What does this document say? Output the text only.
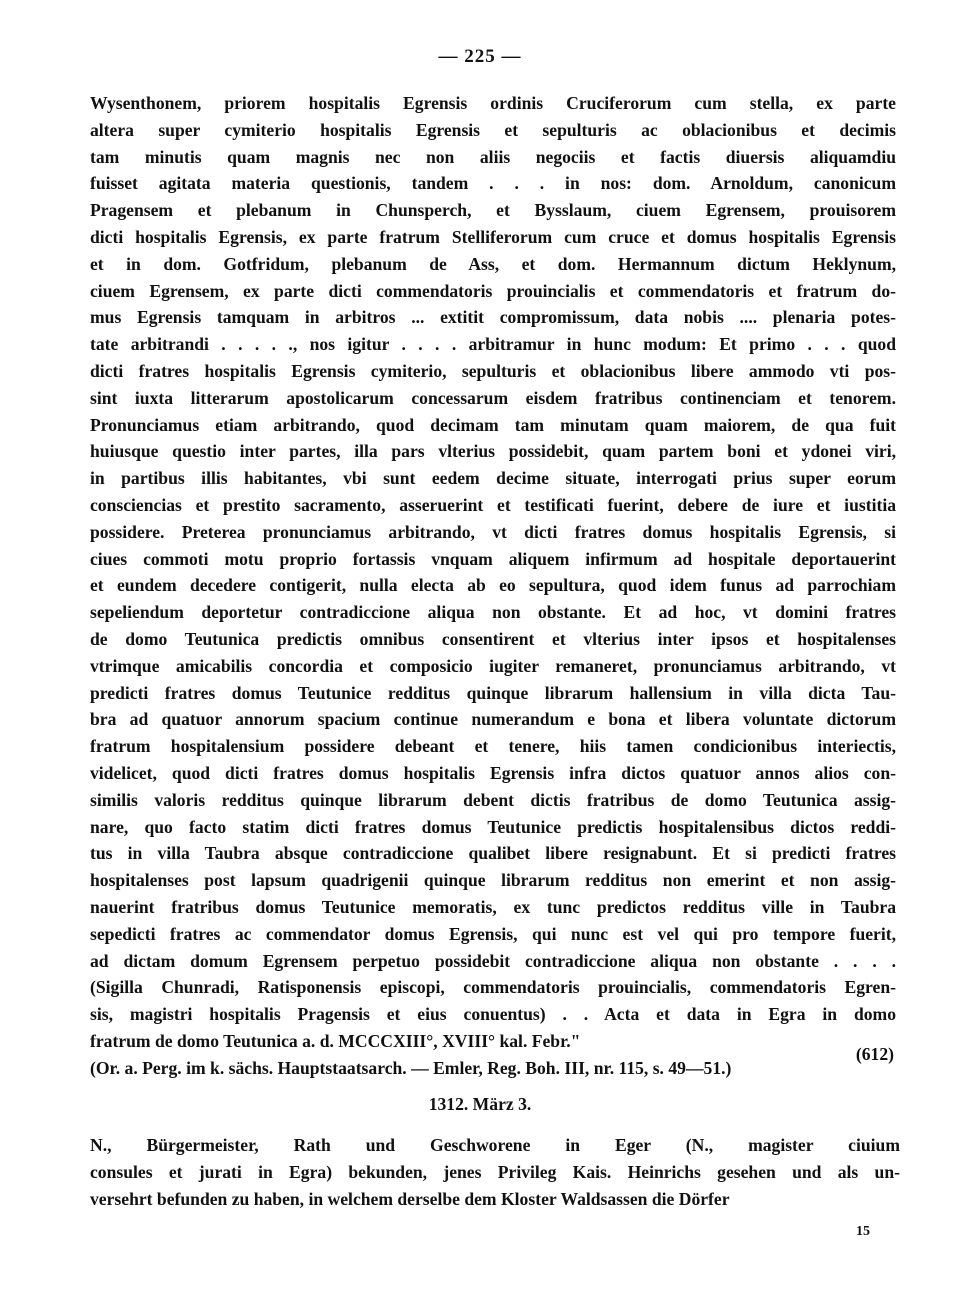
— 225 —
Wysenthonem, priorem hospitalis Egrensis ordinis Cruciferorum cum stella, ex parte
altera super cymiterio hospitalis Egrensis et sepulturis ac oblacionibus et decimis
tam minutis quam magnis nec non aliis negociis et factis diuersis aliquamdiu
fuisset agitata materia questionis, tandem . . . in nos: dom. Arnoldum, canonicum
Pragensem et plebanum in Chunsperch, et Bysslaum, ciuem Egrensem, prouisorem
dicti hospitalis Egrensis, ex parte fratrum Stelliferorum cum cruce et domus hospitalis Egrensis
et in dom. Gotfridum, plebanum de Ass, et dom. Hermannum dictum Heklynum,
ciuem Egrensem, ex parte dicti commendatoris prouincialis et commendatoris et fratrum do-
mus Egrensis tamquam in arbitros ... extitit compromissum, data nobis .... plenaria potes-
tate arbitrandi . . . . ., nos igitur . . . . arbitramur in hunc modum: Et primo . . . quod
dicti fratres hospitalis Egrensis cymiterio, sepulturis et oblacionibus libere ammodo vti pos-
sint iuxta litterarum apostolicarum concessarum eisdem fratribus continenciam et tenorem.
Pronunciamus etiam arbitrando, quod decimam tam minutam quam maiorem, de qua fuit
huiusque questio inter partes, illa pars vlterius possidebit, quam partem boni et ydonei viri,
in partibus illis habitantes, vbi sunt eedem decime situate, interrogati prius super eorum
consciencias et prestito sacramento, asseruerint et testificati fuerint, debere de iure et iustitia
possidere. Preterea pronunciamus arbitrando, vt dicti fratres domus hospitalis Egrensis, si
ciues commoti motu proprio fortassis vnquam aliquem infirmum ad hospitale deportauerint
et eundem decedere contigerit, nulla electa ab eo sepultura, quod idem funus ad parrochiam
sepeliendum deportetur contradiccione aliqua non obstante. Et ad hoc, vt domini fratres
de domo Teutunica predictis omnibus consentirent et vlterius inter ipsos et hospitalenses
vtrimque amicabilis concordia et composicio iugiter remaneret, pronunciamus arbitrando, vt
predicti fratres domus Teutunice redditus quinque librarum hallensium in villa dicta Tau-
bra ad quatuor annorum spacium continue numerandum e bona et libera voluntate dictorum
fratrum hospitalensium possidere debeant et tenere, hiis tamen condicionibus interiectis,
videlicet, quod dicti fratres domus hospitalis Egrensis infra dictos quatuor annos alios con-
similis valoris redditus quinque librarum debent dictis fratribus de domo Teutunica assig-
nare, quo facto statim dicti fratres domus Teutunice predictis hospitalensibus dictos reddi-
tus in villa Taubra absque contradiccione qualibet libere resignabunt. Et si predicti fratres
hospitalenses post lapsum quadrigenii quinque librarum redditus non emerint et non assig-
nauerint fratribus domus Teutunice memoratis, ex tunc predictos redditus ville in Taubra
sepedicti fratres ac commendator domus Egrensis, qui nunc est vel qui pro tempore fuerit,
ad dictam domum Egrensem perpetuo possidebit contradiccione aliqua non obstante . . . .
(Sigilla Chunradi, Ratisponensis episcopi, commendatoris prouincialis, commendatoris Egren-
sis, magistri hospitalis Pragensis et eius conuentus) . . Acta et data in Egra in domo
fratrum de domo Teutunica a. d. MCCCXIII°, XVIII° kal. Febr."
(Or. a. Perg. im k. sächs. Hauptstaatsarch. — Emler, Reg. Boh. III, nr. 115, s. 49—51.)
(612)
1312. März 3.
N., Bürgermeister, Rath und Geschworene in Eger (N., magister ciuium
consules et jurati in Egra) bekunden, jenes Privileg Kais. Heinrichs gesehen und als un-
versehrt befunden zu haben, in welchem derselbe dem Kloster Waldsassen die Dörfer
15
